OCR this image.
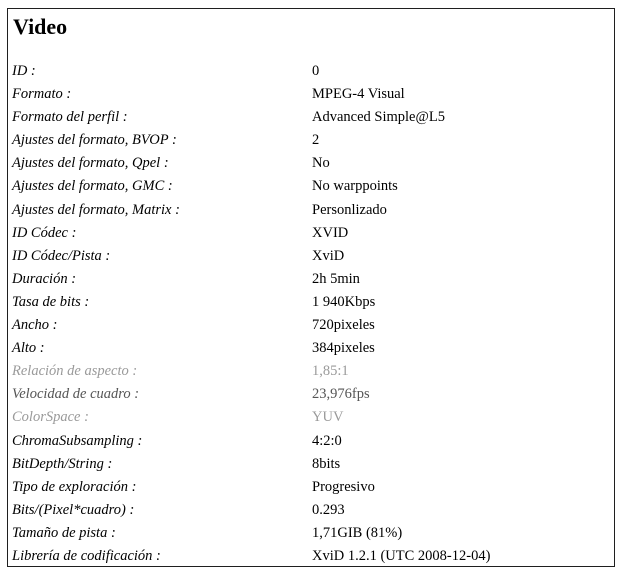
Video
ID :	0
Formato :	MPEG-4 Visual
Formato del perfil :	Advanced Simple@L5
Ajustes del formato, BVOP :	2
Ajustes del formato, Qpel :	No
Ajustes del formato, GMC :	No warppoints
Ajustes del formato, Matrix :	Personlizado
ID Códec :	XVID
ID Códec/Pista :	XviD
Duración :	2h 5min
Tasa de bits :	1 940Kbps
Ancho :	720pixeles
Alto :	384pixeles
Relación de aspecto :	1,85:1
Velocidad de cuadro :	23,976fps
ColorSpace :	YUV
ChromaSubsampling :	4:2:0
BitDepth/String :	8bits
Tipo de exploración :	Progresivo
Bits/(Pixel*cuadro) :	0.293
Tamaño de pista :	1,71GIB (81%)
Librería de codificación :	XviD 1.2.1 (UTC 2008-12-04)
